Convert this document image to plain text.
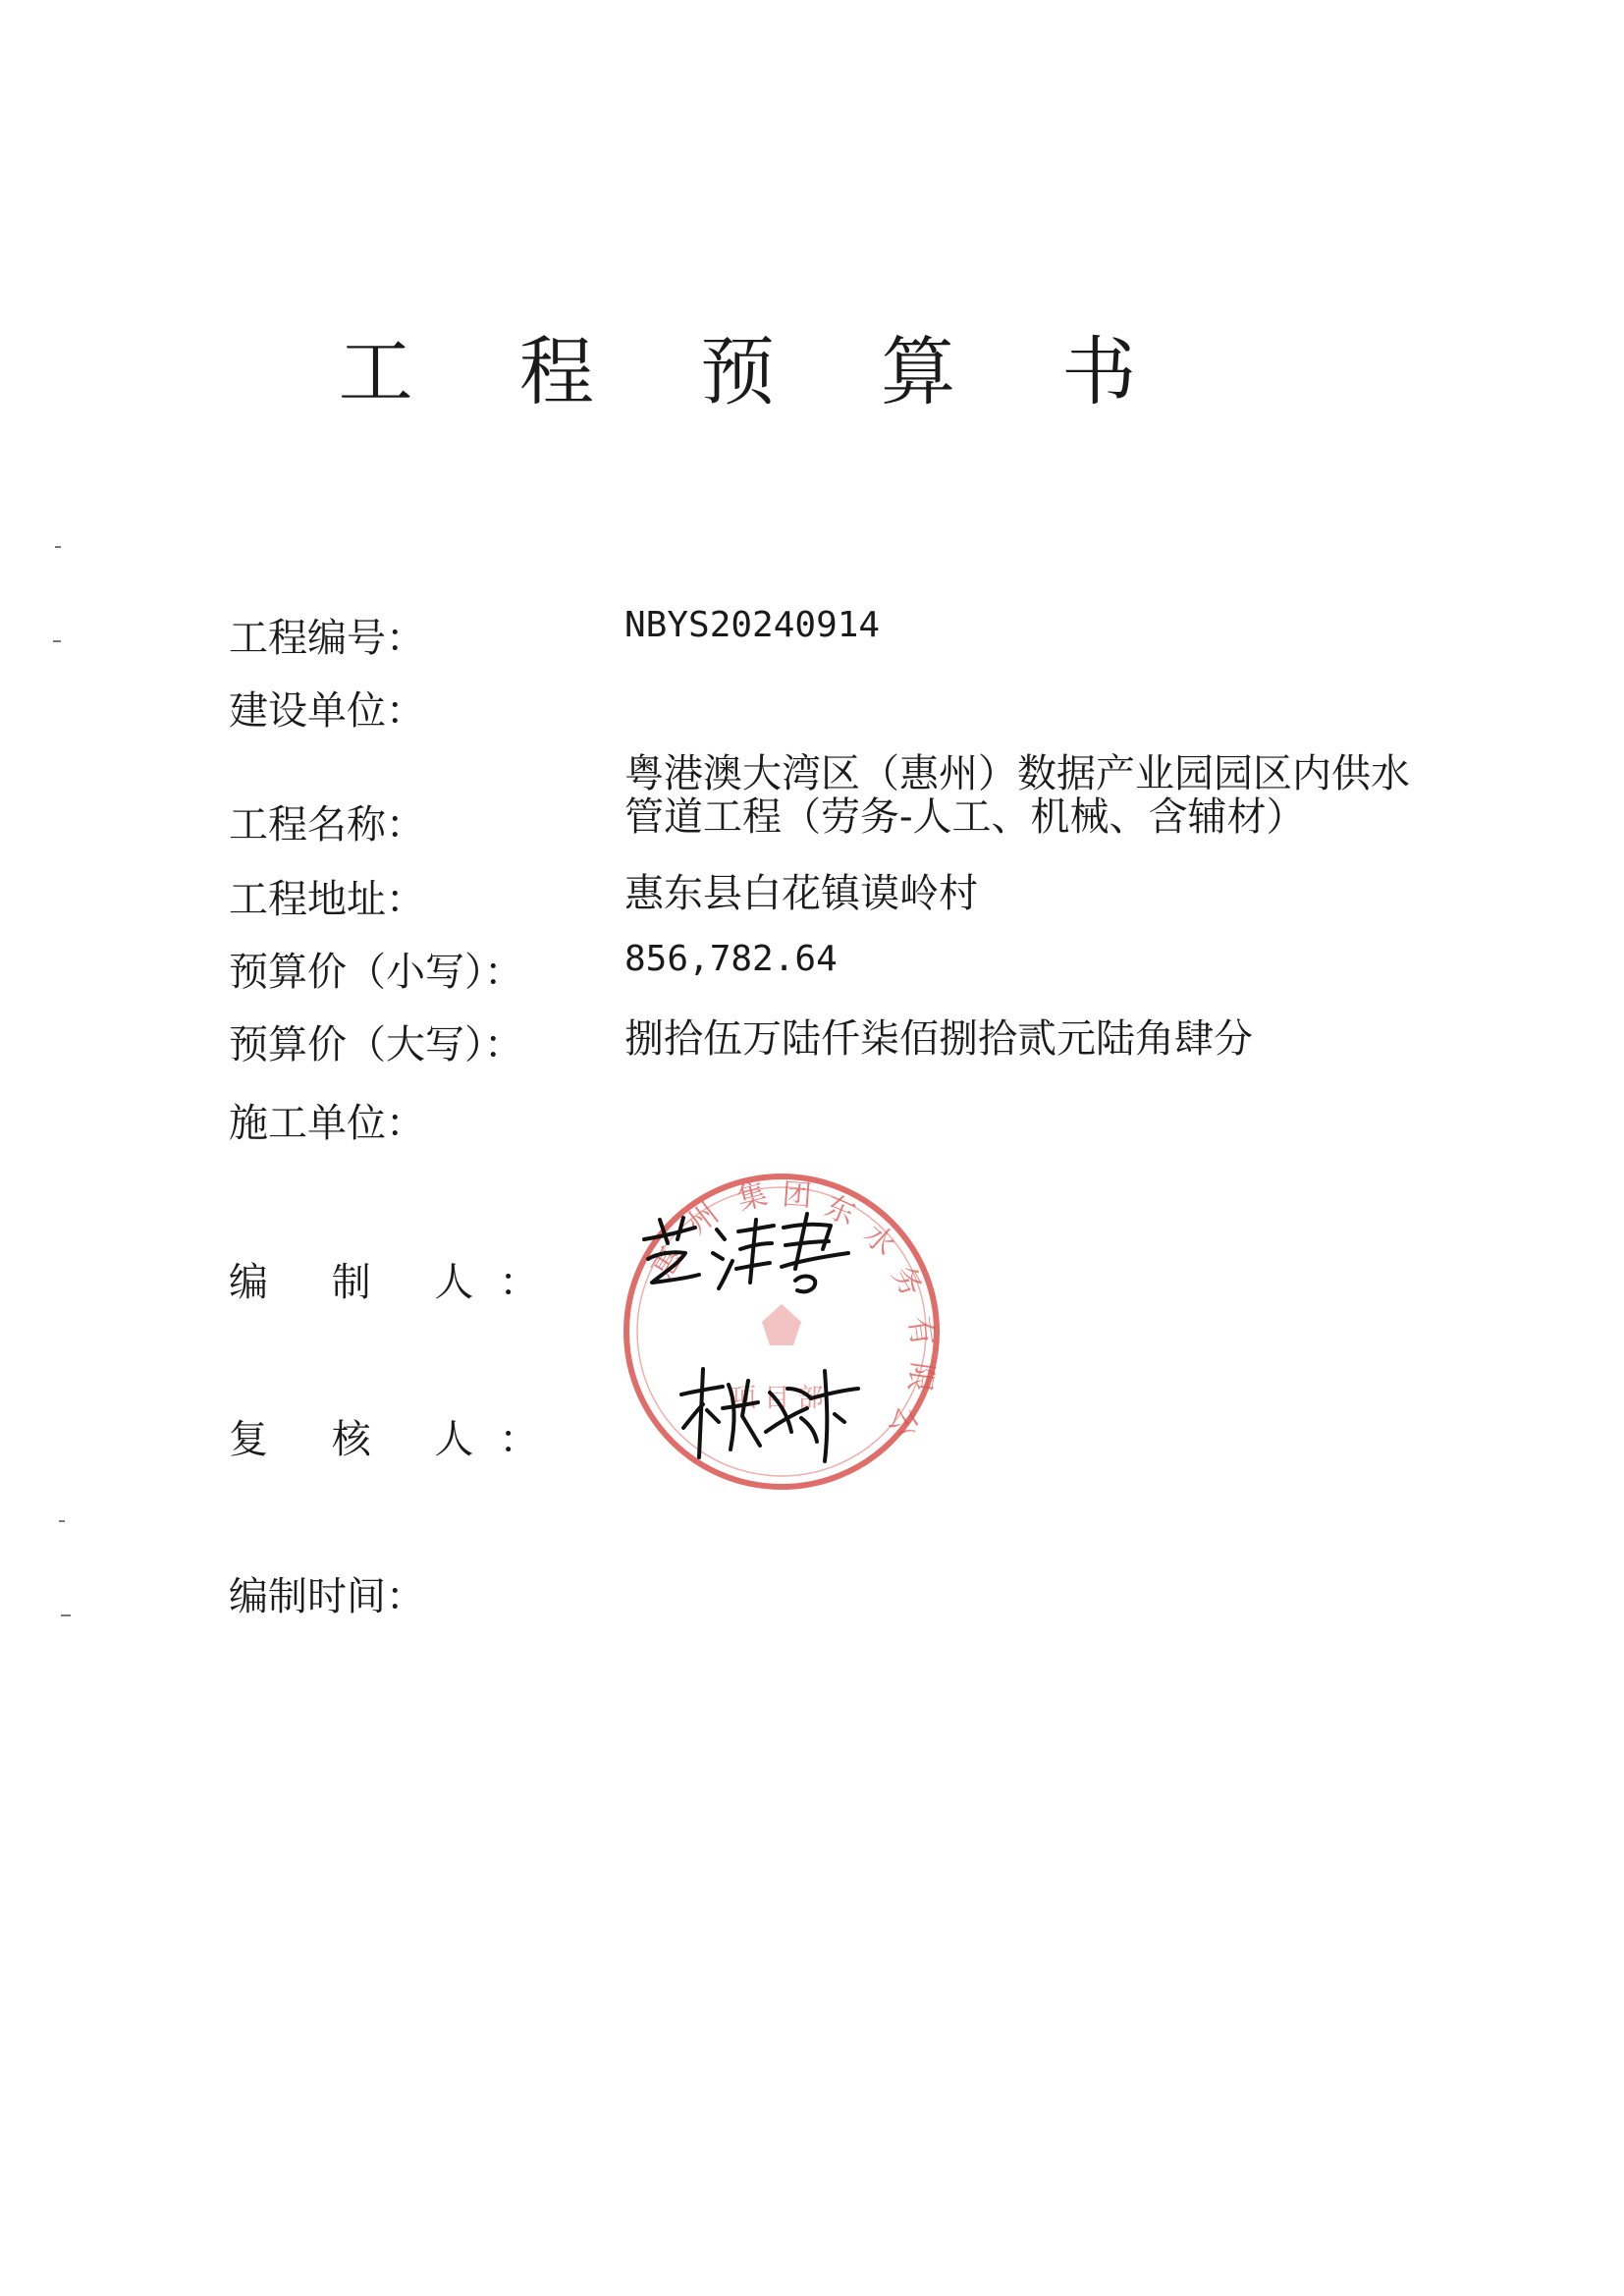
工 程 预 算 书
工程编号：	NBYS20240914
建设单位：
粤港澳大湾区（惠州）数据产业园园区内供水
工程名称：	管道工程（劳务-人工、机械、含辅材）
工程地址：	惠东县白花镇谟岭村
预算价（小写）：	856,782.64
预算价（大写）：	捌拾伍万陆仟柒佰捌拾贰元陆角肆分
施工单位：
惠
州 集 团 东
水
务
有
限
公
项 目 部
编 制 人：
复 核 人：
编制时间：
